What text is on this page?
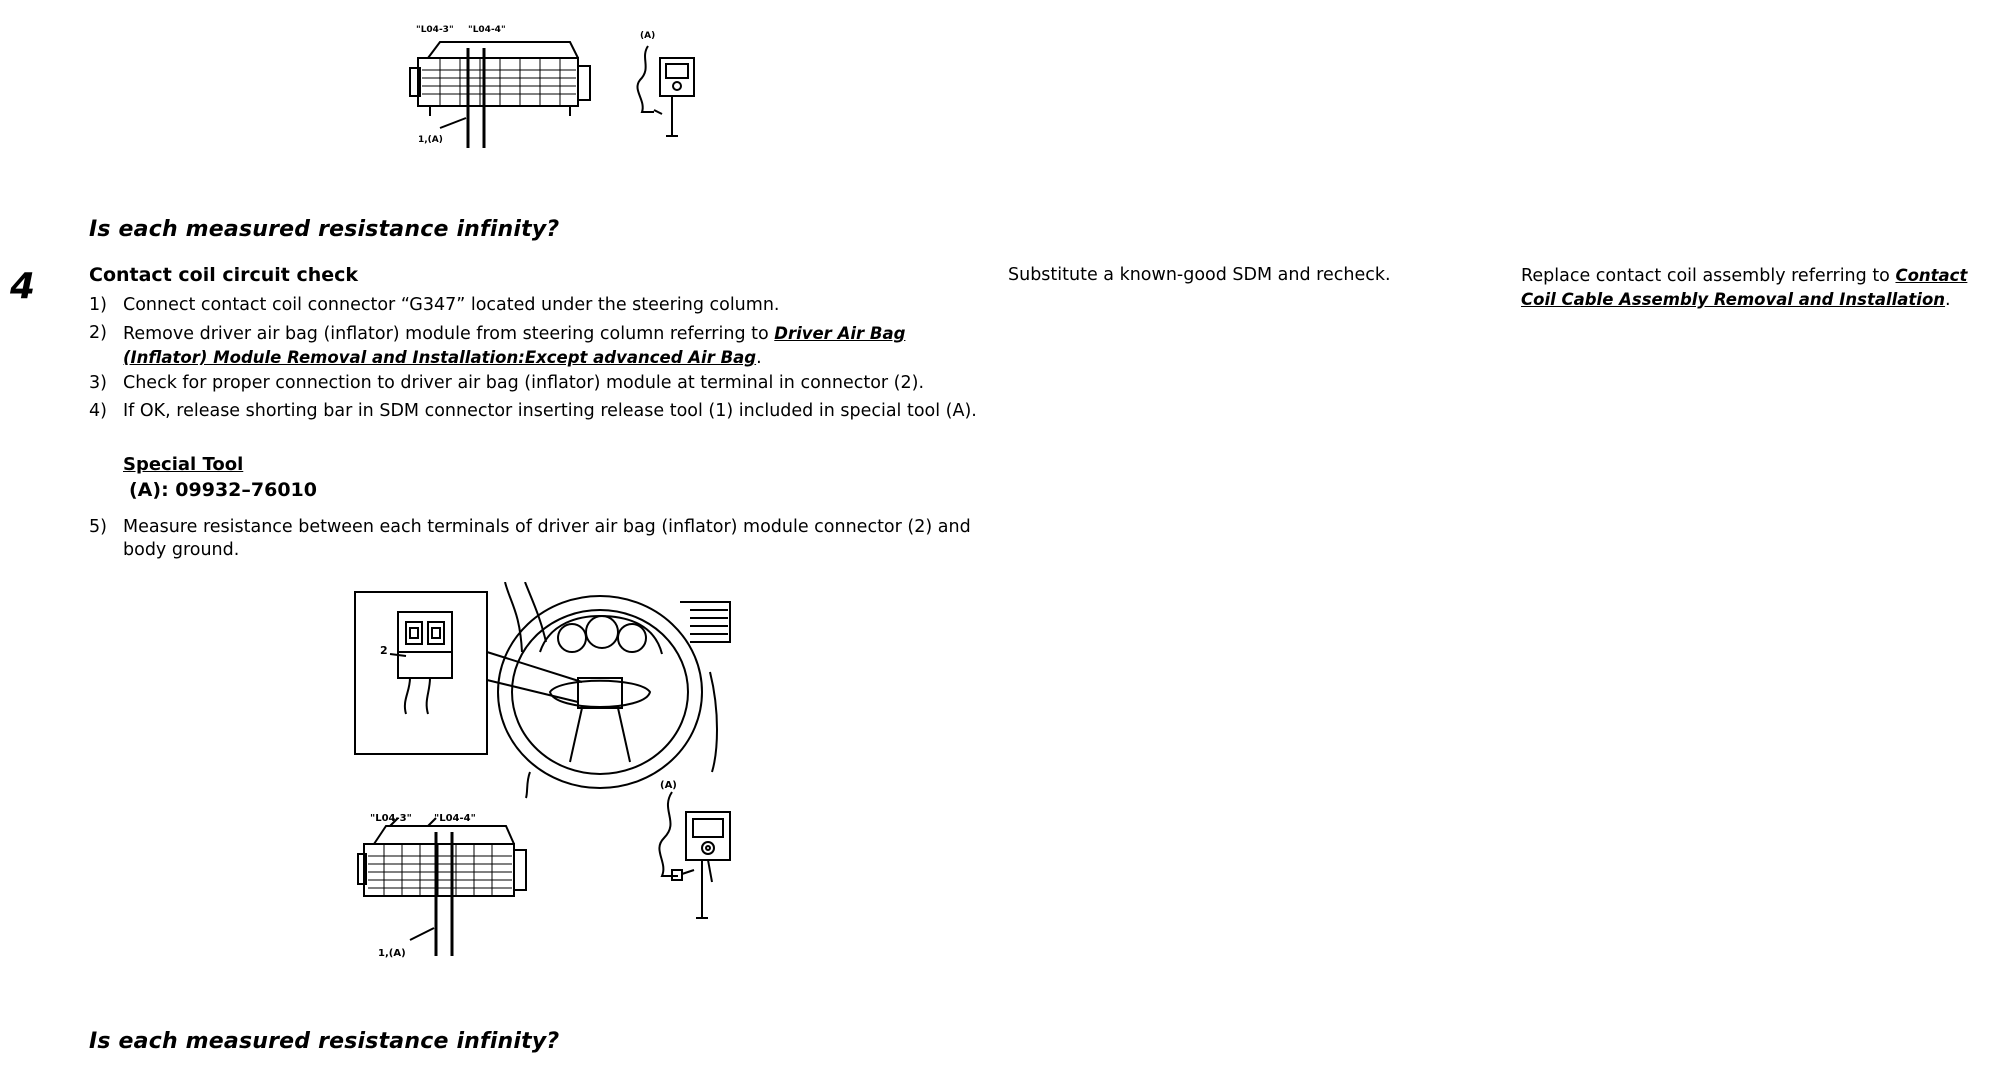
"L04-3" "L04-4"
1,(A)
(A)
Is each measured resistance infinity?
4	Contact coil circuit check
1) Connect contact coil connector “G347” located under the steering column.
2) Remove driver air bag (inflator) module from steering column referring to Driver Air Bag (Inflator) Module Removal and Installation:Except advanced Air Bag.
3) Check for proper connection to driver air bag (inflator) module at terminal in connector (2).
4) If OK, release shorting bar in SDM connector inserting release tool (1) included in special tool (A).
Special Tool
(A): 09932–76010
5) Measure resistance between each terminals of driver air bag (inflator) module connector (2) and body ground.
2
"L04-3" "L04-4"
1,(A)
(A)
Is each measured resistance infinity?
Substitute a known-good SDM and recheck.	Replace contact coil assembly referring to Contact Coil Cable Assembly Removal and Installation.
